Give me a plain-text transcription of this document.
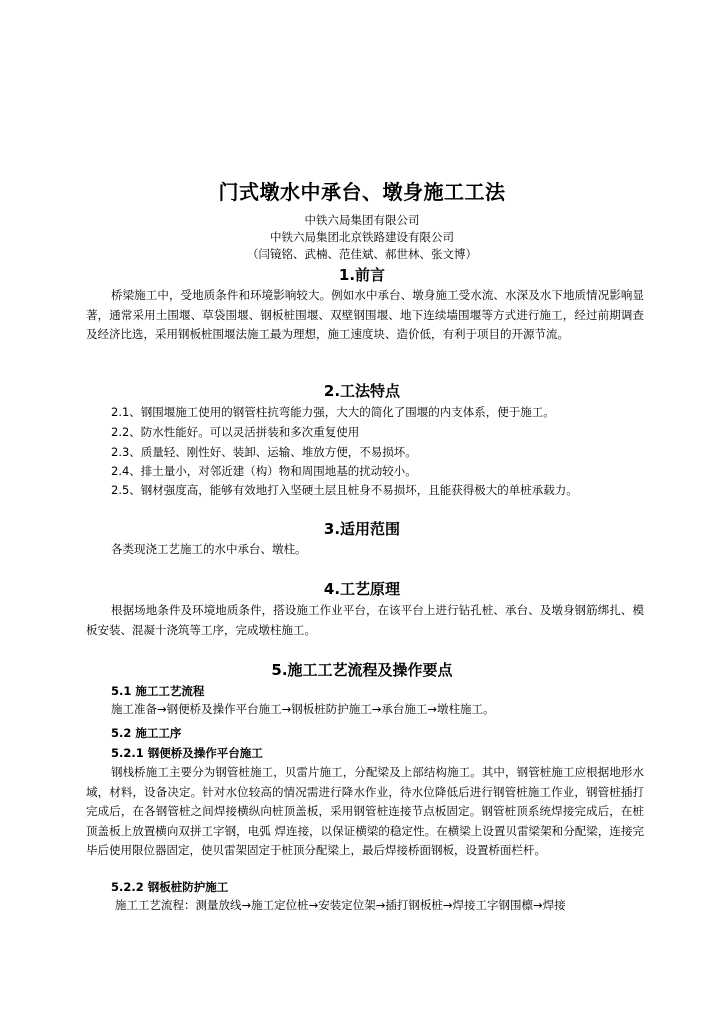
门式墩水中承台、墩身施工工法
中铁六局集团有限公司
中铁六局集团北京铁路建设有限公司
（闫镜铭、武楠、范佳斌、郝世林、张文博）
1.前言

桥梁施工中，受地质条件和环境影响较大。例如水中承台、墩身施工受水流、水深及水下地质情况影响显著，通常采用土围堰、草袋围堰、钢板桩围堰、双壁钢围堰、地下连续墙围堰等方式进行施工，经过前期调查及经济比选，采用钢板桩围堰法施工最为理想，施工速度块、造价低，有利于项目的开源节流。

2.工法特点
2.1、钢围堰施工使用的钢管柱抗弯能力强，大大的简化了围堰的内支体系，便于施工。
2.2、防水性能好。可以灵活拼装和多次重复使用
2.3、质量轻、刚性好、装卸、运输、堆放方便，不易损坏。
2.4、排土量小，对邻近建（构）物和周围地基的扰动较小。
2.5、钢材强度高，能够有效地打入坚硬土层且桩身不易损坏，且能获得极大的单桩承载力。
3.适用范围

各类现浇工艺施工的水中承台、墩柱。

4.工艺原理

根据场地条件及环境地质条件，搭设施工作业平台，在该平台上进行钻孔桩、承台、及墩身钢筋绑扎、模板安装、混凝十浇筑等工序，完成墩柱施工。

5.施工工艺流程及操作要点
5.1 施工工艺流程
施工准备→钢便桥及操作平台施工→钢板桩防护施工→承台施工→墩柱施工。
5.2 施工工序
5.2.1 钢便桥及操作平台施工

钢栈桥施工主要分为钢管桩施工，贝雷片施工，分配梁及上部结构施工。其中，钢管桩施工应根据地形水域，材料，设备决定。针对水位较高的情况需进行降水作业，待水位降低后进行钢管桩施工作业，钢管桩插打完成后，在各钢管桩之间焊接横纵向桩顶盖板，采用钢管桩连接节点板固定。钢管桩顶系统焊接完成后，在桩顶盖板上放置横向双拼工字钢，电弧 焊连接，以保证横梁的稳定性。在横梁上设置贝雷梁架和分配梁，连接完毕后使用限位器固定，使贝雷架固定于桩顶分配梁上，最后焊接桥面钢板，设置桥面栏杆。

5.2.2 钢板桩防护施工
施工工艺流程：测量放线→施工定位桩→安装定位架→插打钢板桩→焊接工字钢围檩→焊接
